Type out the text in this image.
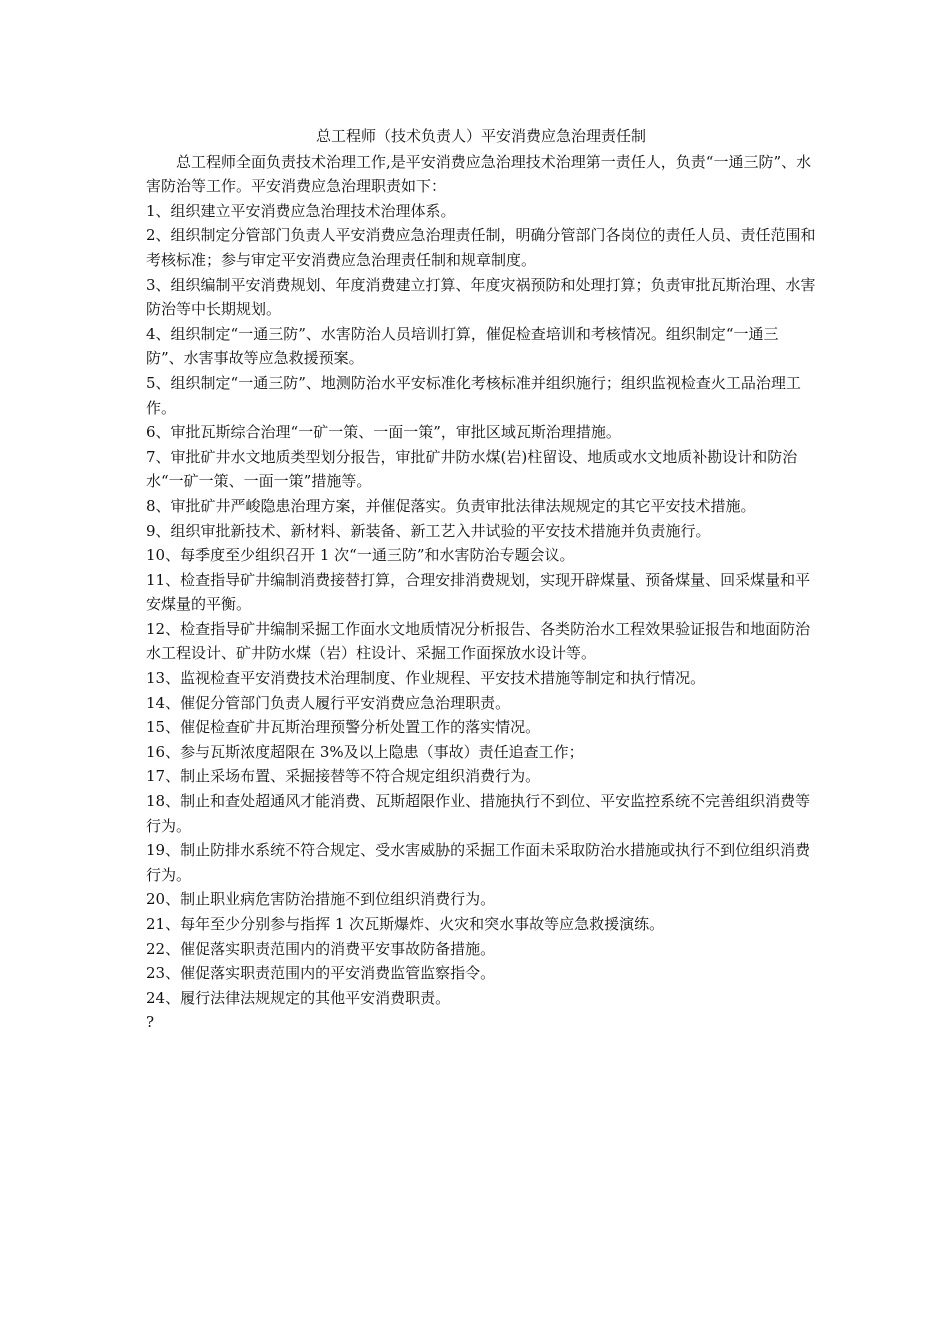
总工程师（技术负责人）平安消费应急治理责任制

总工程师全面负责技术治理工作,是平安消费应急治理技术治理第一责任人，负责“一通三防”、水害防治等工作。平安消费应急治理职责如下：

1、组织建立平安消费应急治理技术治理体系。

2、组织制定分管部门负责人平安消费应急治理责任制，明确分管部门各岗位的责任人员、责任范围和考核标准；参与审定平安消费应急治理责任制和规章制度。

3、组织编制平安消费规划、年度消费建立打算、年度灾祸预防和处理打算；负责审批瓦斯治理、水害防治等中长期规划。

4、组织制定“一通三防”、水害防治人员培训打算，催促检查培训和考核情况。组织制定“一通三防”、水害事故等应急救援预案。

5、组织制定“一通三防”、地测防治水平安标准化考核标准并组织施行；组织监视检查火工品治理工作。

6、审批瓦斯综合治理“一矿一策、一面一策”，审批区域瓦斯治理措施。

7、审批矿井水文地质类型划分报告，审批矿井防水煤(岩)柱留设、地质或水文地质补勘设计和防治水“一矿一策、一面一策”措施等。

8、审批矿井严峻隐患治理方案，并催促落实。负责审批法律法规规定的其它平安技术措施。

9、组织审批新技术、新材料、新装备、新工艺入井试验的平安技术措施并负责施行。

10、每季度至少组织召开 1 次“一通三防”和水害防治专题会议。

11、检查指导矿井编制消费接替打算，合理安排消费规划，实现开辟煤量、预备煤量、回采煤量和平安煤量的平衡。

12、检查指导矿井编制采掘工作面水文地质情况分析报告、各类防治水工程效果验证报告和地面防治水工程设计、矿井防水煤（岩）柱设计、采掘工作面探放水设计等。

13、监视检查平安消费技术治理制度、作业规程、平安技术措施等制定和执行情况。

14、催促分管部门负责人履行平安消费应急治理职责。

15、催促检查矿井瓦斯治理预警分析处置工作的落实情况。

16、参与瓦斯浓度超限在 3%及以上隐患（事故）责任追查工作；

17、制止采场布置、采掘接替等不符合规定组织消费行为。

18、制止和查处超通风才能消费、瓦斯超限作业、措施执行不到位、平安监控系统不完善组织消费等行为。

19、制止防排水系统不符合规定、受水害威胁的采掘工作面未采取防治水措施或执行不到位组织消费行为。

20、制止职业病危害防治措施不到位组织消费行为。

21、每年至少分别参与指挥 1 次瓦斯爆炸、火灾和突水事故等应急救援演练。

22、催促落实职责范围内的消费平安事故防备措施。

23、催促落实职责范围内的平安消费监管监察指令。

24、履行法律法规规定的其他平安消费职责。

?
